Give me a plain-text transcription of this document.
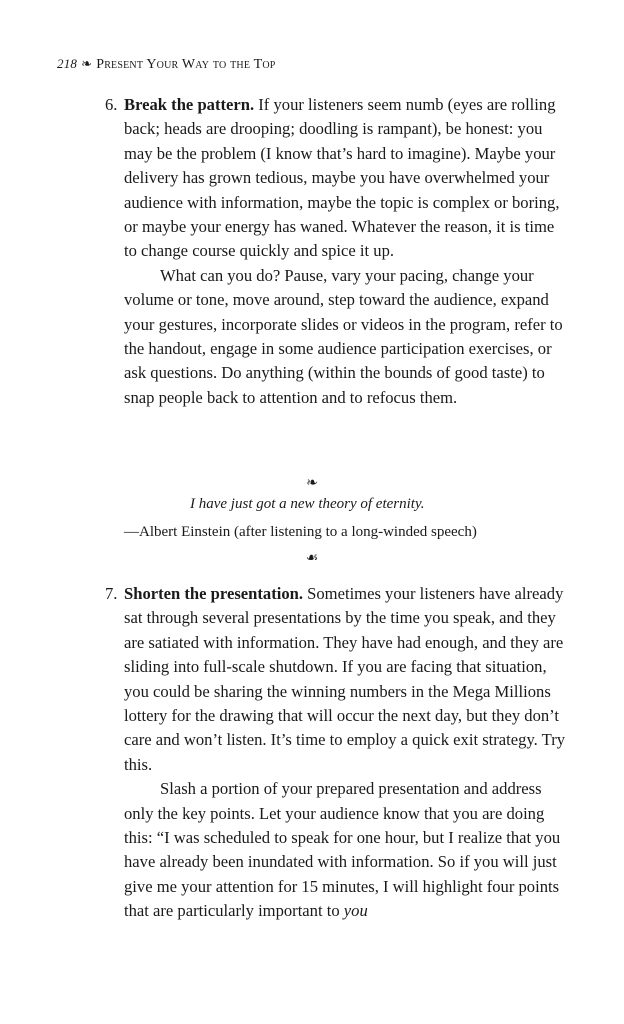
218 ❧ Present Your Way to the Top
6. Break the pattern. If your listeners seem numb (eyes are rolling back; heads are drooping; doodling is rampant), be honest: you may be the problem (I know that’s hard to imagine). Maybe your delivery has grown tedious, maybe you have overwhelmed your audience with information, maybe the topic is complex or boring, or maybe your energy has waned. Whatever the reason, it is time to change course quickly and spice it up.

What can you do? Pause, vary your pacing, change your volume or tone, move around, step toward the audience, expand your gestures, incorporate slides or videos in the program, refer to the handout, engage in some audience participation exercises, or ask questions. Do anything (within the bounds of good taste) to snap people back to attention and to refocus them.

❧
I have just got a new theory of eternity.
—Albert Einstein (after listening to a long-winded speech)
☙
7. Shorten the presentation. Sometimes your listeners have already sat through several presentations by the time you speak, and they are satiated with information. They have had enough, and they are sliding into full-scale shutdown. If you are facing that situation, you could be sharing the winning numbers in the Mega Millions lottery for the drawing that will occur the next day, but they don’t care and won’t listen. It’s time to employ a quick exit strategy. Try this.

Slash a portion of your prepared presentation and address only the key points. Let your audience know that you are doing this: “I was scheduled to speak for one hour, but I realize that you have already been inundated with information. So if you will just give me your attention for 15 minutes, I will highlight four points that are particularly important to you
